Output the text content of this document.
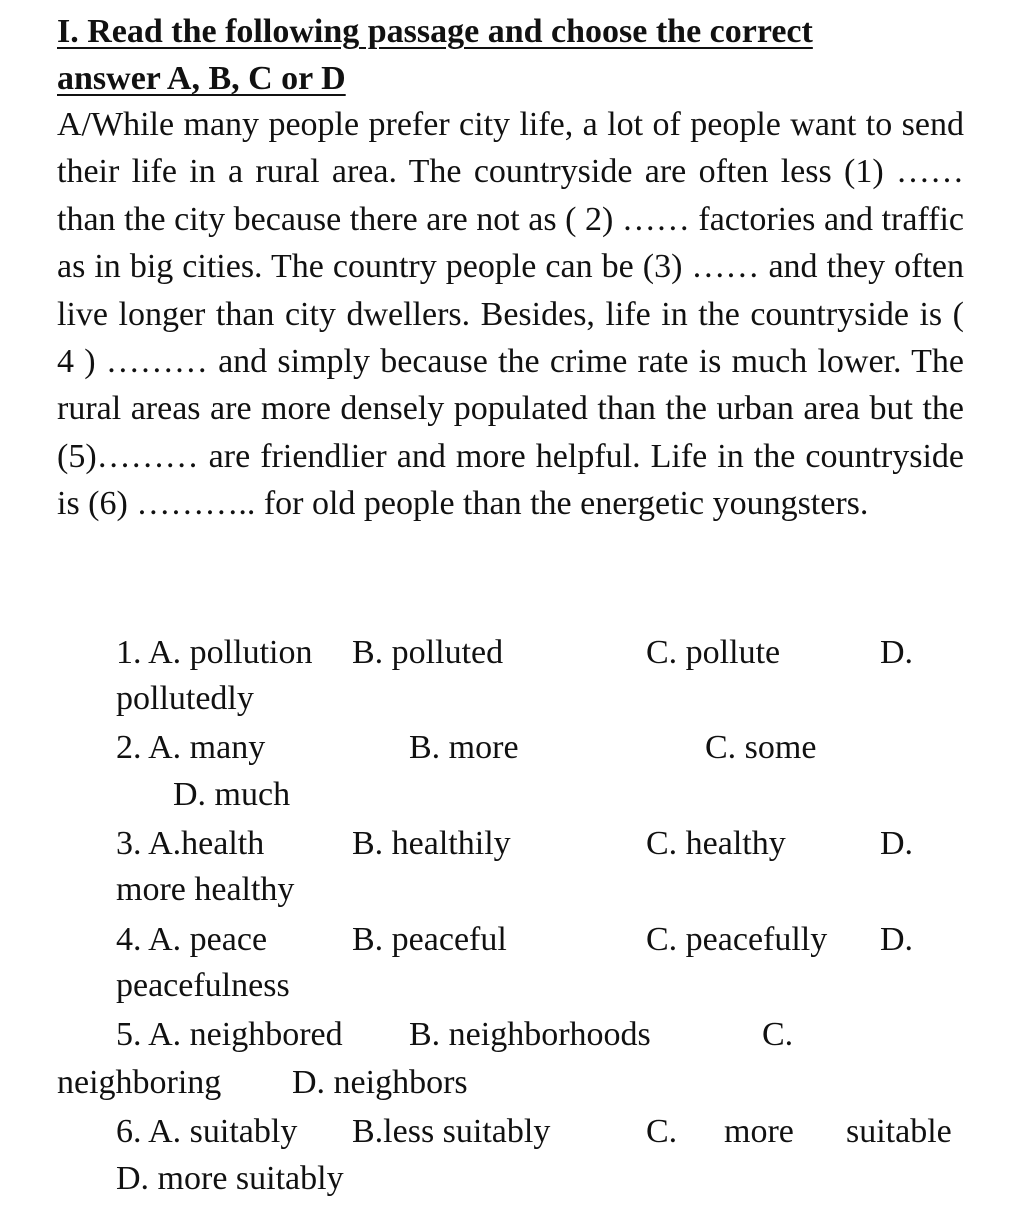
I. Read the following passage and choose the correct
answer A, B, C or D
A/While many people prefer city life, a lot of people want to send their life in a rural area. The countryside are often less (1) ……than the city because there are not as ( 2) …… factories and traffic as in big cities. The country people can be (3) …… and they often live longer than city dwellers. Besides, life in the countryside is ( 4 ) ……… and simply because the crime rate is much lower. The rural areas are more densely populated than the urban area but the (5)……… are friendlier and more helpful. Life in the countryside is (6) ……….. for old people than the energetic youngsters.
1. A. pollution B. polluted	C. pollute	D.
pollutedly
2. A. many	B. more	C. some
D. much
3. A.health	B. healthily	C. healthy	D.
more healthy
4. A. peace B. peaceful	C. peacefully D.
peacefulness
5. A. neighbored B. neighborhoods	C.
neighboring D. neighbors
6. A. suitably B.less suitably	C. more suitable
D. more suitably
